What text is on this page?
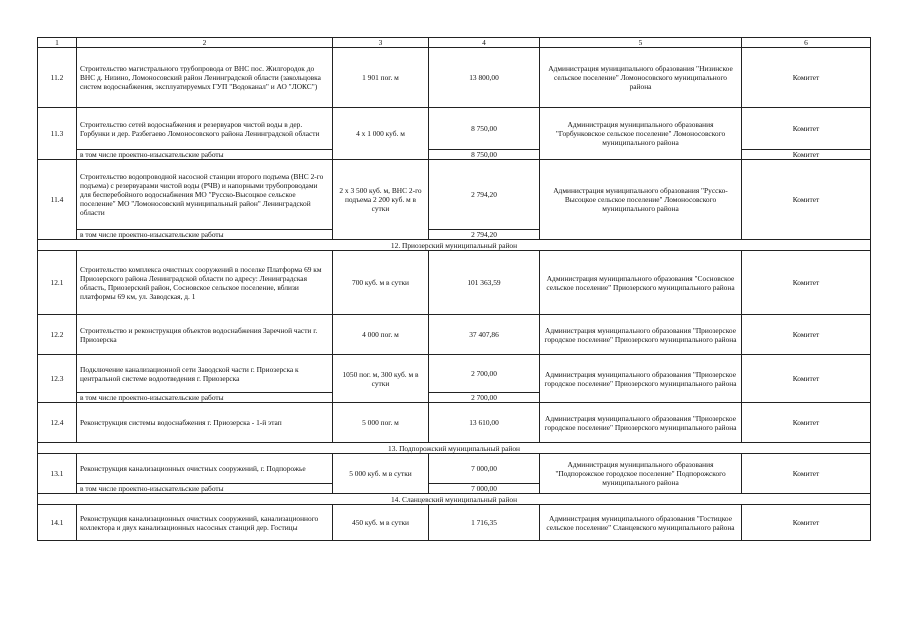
1	2	3	4	5	6
11.2	Строительство магистрального трубопровода от ВНС пос. Жилгородок до ВНС д. Низино, Ломоносовский район Ленинградской области (закольцовка систем водоснабжения, эксплуатируемых ГУП "Водоканал" и АО "ЛОКС")	1 901 пог. м	13 800,00	Администрация муниципального образования "Низинское сельское поселение" Ломоносовского муниципального района	Комитет
11.3	Строительство сетей водоснабжения и резервуаров чистой воды в дер. Горбунки и дер. Разбегаево Ломоносовского района Ленинградской области	4 х 1 000 куб. м	8 750,00	Администрация муниципального образования "Горбунковское сельское поселение" Ломоносовского муниципального района	Комитет
	в том числе проектно-изыскательские работы		8 750,00		Комитет
11.4	Строительство водопроводной насосной станции второго подъема (ВНС 2-го подъема) с резервуарами чистой воды (РЧВ) и напорными трубопроводами для бесперебойного водоснабжения МО "Русско-Высоцкое сельское поселение" МО "Ломоносовский муниципальный район" Ленинградской области	2 х 3 500 куб. м, ВНС 2-го подъема 2 200 куб. м в сутки	2 794,20	Администрация муниципального образования "Русско-Высоцкое сельское поселение" Ломоносовского муниципального района	Комитет
	в том числе проектно-изыскательские работы		2 794,20		
12. Приозерский муниципальный район					
12.1	Строительство комплекса очистных сооружений в поселке Платформа 69 км Приозерского района Ленинградской области по адресу: Ленинградская область, Приозерский район, Сосновское сельское поселение, вблизи платформы 69 км, ул. Заводская, д. 1	700 куб. м в сутки	101 363,59	Администрация муниципального образования "Сосновское сельское поселение" Приозерского муниципального района	Комитет
12.2	Строительство и реконструкция объектов водоснабжения Заречной части г. Приозерска	4 000 пог. м	37 407,86	Администрация муниципального образования "Приозерское городское поселение" Приозерского муниципального района	Комитет
12.3	Подключение канализационной сети Заводской части г. Приозерска к центральной системе водоотведения г. Приозерска	1050 пог. м, 300 куб. м в сутки	2 700,00	Администрация муниципального образования "Приозерское городское поселение" Приозерского муниципального района	Комитет
	в том числе проектно-изыскательские работы		2 700,00		
12.4	Реконструкция системы водоснабжения г. Приозерска - 1-й этап	5 000 пог. м	13 610,00	Администрация муниципального образования "Приозерское городское поселение" Приозерского муниципального района	Комитет
13. Подпорожский муниципальный район					
13.1	Реконструкция канализационных очистных сооружений, г. Подпорожье	5 000 куб. м в сутки	7 000,00	Администрация муниципального образования "Подпорожское городское поселение" Подпорожского муниципального района	Комитет
	в том числе проектно-изыскательские работы		7 000,00		
14. Сланцевский муниципальный район					
14.1	Реконструкция канализационных очистных сооружений, канализационного коллектора и двух канализационных насосных станций дер. Гостицы	450 куб. м в сутки	1 716,35	Администрация муниципального образования "Гостицкое сельское поселение" Сланцевского муниципального района	Комитет
